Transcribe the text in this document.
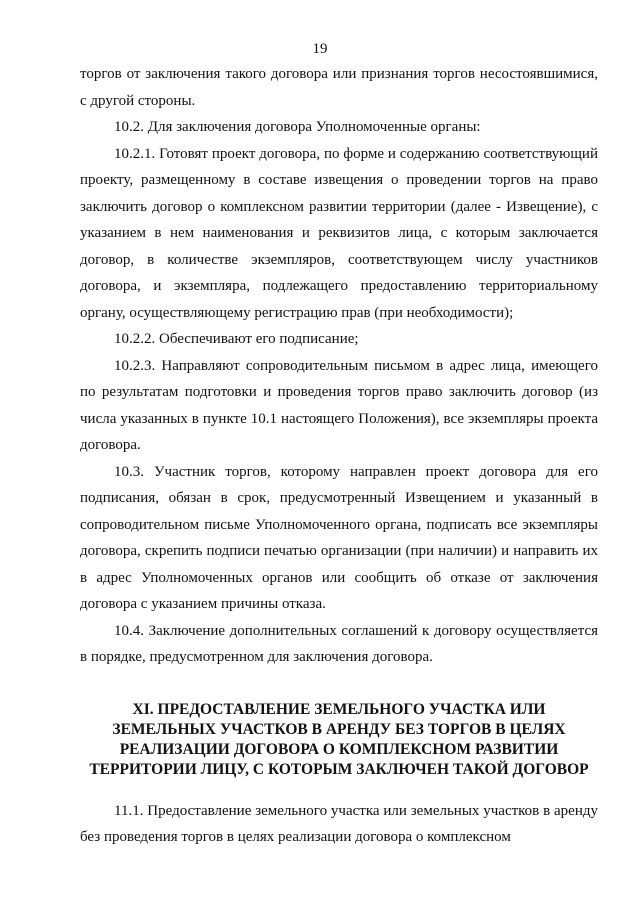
19

торгов от заключения такого договора или признания торгов несостоявшимися, с другой стороны.

10.2. Для заключения договора Уполномоченные органы:

10.2.1. Готовят проект договора, по форме и содержанию соответствующий проекту, размещенному в составе извещения о проведении торгов на право заключить договор о комплексном развитии территории (далее - Извещение), с указанием в нем наименования и реквизитов лица, с которым заключается договор, в количестве экземпляров, соответствующем числу участников договора, и экземпляра, подлежащего предоставлению территориальному органу, осуществляющему регистрацию прав (при необходимости);

10.2.2. Обеспечивают его подписание;

10.2.3. Направляют сопроводительным письмом в адрес лица, имеющего по результатам подготовки и проведения торгов право заключить договор (из числа указанных в пункте 10.1 настоящего Положения), все экземпляры проекта договора.

10.3. Участник торгов, которому направлен проект договора для его подписания, обязан в срок, предусмотренный Извещением и указанный в сопроводительном письме Уполномоченного органа, подписать все экземпляры договора, скрепить подписи печатью организации (при наличии) и направить их в адрес Уполномоченных органов или сообщить об отказе от заключения договора с указанием причины отказа.

10.4. Заключение дополнительных соглашений к договору осуществляется в порядке, предусмотренном для заключения договора.

XI. ПРЕДОСТАВЛЕНИЕ ЗЕМЕЛЬНОГО УЧАСТКА ИЛИ ЗЕМЕЛЬНЫХ УЧАСТКОВ В АРЕНДУ БЕЗ ТОРГОВ В ЦЕЛЯХ РЕАЛИЗАЦИИ ДОГОВОРА О КОМПЛЕКСНОМ РАЗВИТИИ ТЕРРИТОРИИ ЛИЦУ, С КОТОРЫМ ЗАКЛЮЧЕН ТАКОЙ ДОГОВОР

11.1. Предоставление земельного участка или земельных участков в аренду без проведения торгов в целях реализации договора о комплексном
